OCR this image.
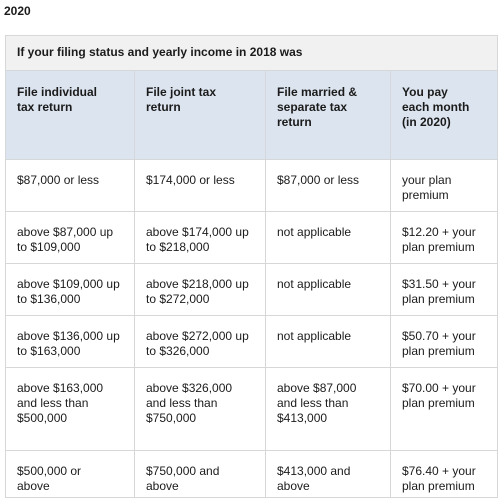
2020
If your filing status and yearly income in 2018 was			

File individual tax return	File joint tax return	File married & separate tax return	You pay each month (in 2020)

$87,000 or less	$174,000 or less	$87,000 or less	your plan premium

above $87,000 up to $109,000	above $174,000 up to $218,000	not applicable	$12.20 + your plan premium

above $109,000 up to $136,000	above $218,000 up to $272,000	not applicable	$31.50 + your plan premium

above $136,000 up to $163,000	above $272,000 up to $326,000	not applicable	$50.70 + your plan premium

above $163,000 and less than $500,000	above $326,000 and less than $750,000	above $87,000 and less than $413,000	$70.00 + your plan premium

$500,000 or above	$750,000 and above	$413,000 and above	$76.40 + your plan premium
